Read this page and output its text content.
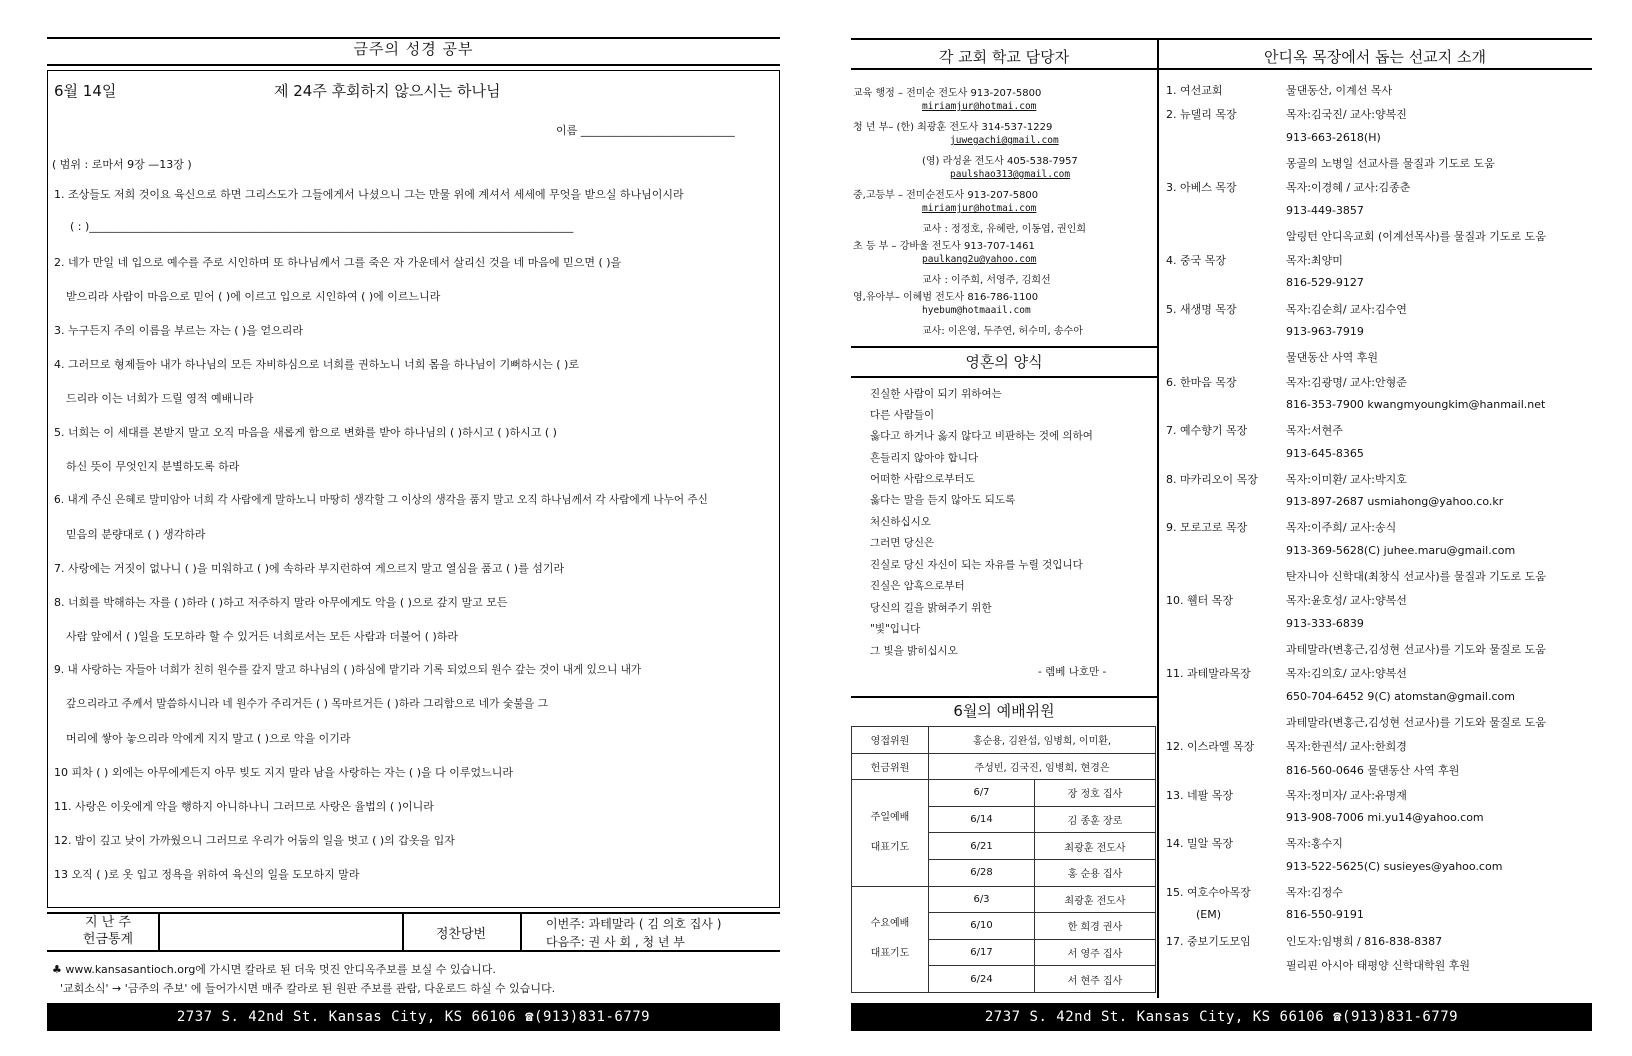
금주의 성경 공부
6월 14일	제 24주 후회하지 않으시는 하나님
이름 ____________________________
( 범위 : 로마서 9장 —13장 )
1. 조상들도 저희 것이요 육신으로 하면 그리스도가 그들에게서 나셨으니 그는 만물 위에 계셔서 세세에 무엇을 받으실 하나님이시라
( : )________________________________________________________________________________________
2. 네가 만일 네 입으로 예수를 주로 시인하며 또 하나님께서 그를 죽은 자 가운데서 살리신 것을 네 마음에 믿으면 ( )을
받으리라 사람이 마음으로 믿어 ( )에 이르고 입으로 시인하여 ( )에 이르느니라
3. 누구든지 주의 이름을 부르는 자는 ( )을 얻으리라
4. 그러므로 형제들아 내가 하나님의 모든 자비하심으로 너희를 권하노니 너희 몸을 하나님이 기뻐하시는 ( )로
드리라 이는 너희가 드릴 영적 예배니라
5. 너희는 이 세대를 본받지 말고 오직 마음을 새롭게 함으로 변화를 받아 하나님의 ( )하시고 ( )하시고 ( )
하신 뜻이 무엇인지 분별하도록 하라
6. 내게 주신 은혜로 말미암아 너희 각 사람에게 말하노니 마땅히 생각할 그 이상의 생각을 품지 말고 오직 하나님께서 각 사람에게 나누어 주신
믿음의 분량대로 ( ) 생각하라
7. 사랑에는 거짓이 없나니 ( )을 미워하고 ( )에 속하라 부지런하여 게으르지 말고 열심을 품고 ( )를 섬기라
8. 너희를 박해하는 자를 ( )하라 ( )하고 저주하지 말라 아무에게도 악을 ( )으로 갚지 말고 모든
사람 앞에서 ( )일을 도모하라 할 수 있거든 너희로서는 모든 사람과 더불어 ( )하라
9. 내 사랑하는 자들아 너희가 친히 원수를 갚지 말고 하나님의 ( )하심에 맡기라 기록 되었으되 원수 갚는 것이 내게 있으니 내가
갚으리라고 주께서 말씀하시니라 네 원수가 주리거든 ( ) 목마르거든 ( )하라 그리함으로 네가 숯불을 그
머리에 쌓아 놓으리라 악에게 지지 말고 ( )으로 악을 이기라
10 피차 ( ) 외에는 아무에게든지 아무 빚도 지지 말라 남을 사랑하는 자는 ( )을 다 이루었느니라
11. 사랑은 이웃에게 악을 행하지 아니하나니 그러므로 사랑은 율법의 ( )이니라
12. 밤이 깊고 낮이 가까웠으니 그러므로 우리가 어둠의 일을 벗고 ( )의 갑옷을 입자
13 오직 ( )로 옷 입고 정욕을 위하여 육신의 일을 도모하지 말라
지 난 주
헌금통계	정찬당번
이번주: 과테말라 ( 김 의호 집사 )
다음주: 권 사 회 , 청 년 부
♣ www.kansasantioch.org에 가시면 칼라로 된 더욱 멋진 안디옥주보를 보실 수 있습니다.
'교회소식' → '금주의 주보' 에 들어가시면 매주 칼라로 된 원판 주보를 관람, 다운로드 하실 수 있습니다.
2737 S. 42nd St. Kansas City, KS 66106 ☎(913)831-6779
각 교회 학교 담당자	안디옥 목장에서 돕는 선교지 소개
교육 행정 – 전미순 전도사 913-207-5800
miriamjur@hotmai.com
청 년 부– (한) 최광훈 전도사 314-537-1229
juwegachi@gmail.com
(영) 라성윤 전도사 405-538-7957
paulshao313@gmail.com
중,고등부 – 전미순전도사 913-207-5800
miriamjur@hotmai.com
교사 : 정정호, 유혜란, 이동엽, 권인희
초 등 부 – 강바울 전도사 913-707-1461
paulkang2u@yahoo.com
교사 : 이주희, 서영주, 김희선
영,유아부– 이혜범 전도사 816-786-1100
hyebum@hotmaail.com
교사: 이은영, 두주연, 허수미, 송수아
영혼의 양식
진실한 사람이 되기 위하여는
다른 사람들이
옳다고 하거나 옳지 않다고 비판하는 것에 의하여
흔들리지 않아야 합니다
어떠한 사람으로부터도
옳다는 말을 듣지 않아도 되도록
처신하십시오
그러면 당신은
진실로 당신 자신이 되는 자유를 누릴 것입니다
진실은 암흑으로부터
당신의 길을 밝혀주기 위한
"빛"입니다
그 빛을 밝히십시오
- 렘베 나호만 -
6월의 예배위원
영접위원	홍순용, 김완섭, 임병희, 이미환,	
헌금위원	주성빈, 김국진, 임병희, 현경은	

주일예배
대표기도	6/7	장 정호 집사
	6/14	김 종훈 장로
	6/21	최광훈 전도사
	6/28	홍 순용 집사

수요예배
대표기도	6/3	최광훈 전도사
	6/10	한 희경 권사
	6/17	서 영주 집사
	6/24	서 현주 집사
1. 여선교회	물댄동산, 이계선 목사
2. 뉴델리 목장	목자:김국진/ 교사:양복진
913-663-2618(H)
몽골의 노병일 선교사를 물질과 기도로 도움
3. 아베스 목장	목자:이경혜 / 교사:김종춘
913-449-3857
알링턴 안디옥교회 (이계선목사)를 물질과 기도로 도움
4. 중국 목장	목자:최양미
816-529-9127
5. 새생명 목장	목자:김순희/ 교사:김수연
913-963-7919
물댄동산 사역 후원
6. 한마음 목장	목자:김광명/ 교사:안형준
816-353-7900 kwangmyoungkim@hanmail.net
7. 예수향기 목장	목자:서현주
913-645-8365
8. 마카리오이 목장	목자:이미환/ 교사:박지호
913-897-2687 usmiahong@yahoo.co.kr
9. 모로고로 목장	목자:이주희/ 교사:송식
913-369-5628(C) juhee.maru@gmail.com
탄자니아 신학대(최창식 선교사)를 물질과 기도로 도움
10. 웰터 목장	목자:윤호성/ 교사:양복선
913-333-6839
과테말라(변홍근,김성현 선교사)를 기도와 물질로 도움
11. 과테말라목장	목자:김의호/ 교사:양복선
650-704-6452 9(C) atomstan@gmail.com
과테말라(변홍근,김성현 선교사)를 기도와 물질로 도움
12. 이스라엘 목장	목자:한권석/ 교사:한희경
816-560-0646 물댄동산 사역 후원
13. 네팔 목장	목자:정미자/ 교사:유명재
913-908-7006 mi.yu14@yahoo.com
14. 밀알 목장	목자:홍수지
913-522-5625(C) susieyes@yahoo.com
15. 여호수아목장	목자:김정수
(EM)	816-550-9191
17. 중보기도모임	인도자:임병희 / 816-838-8387
필리핀 아시아 태평양 신학대학원 후원
2737 S. 42nd St. Kansas City, KS 66106 ☎(913)831-6779
